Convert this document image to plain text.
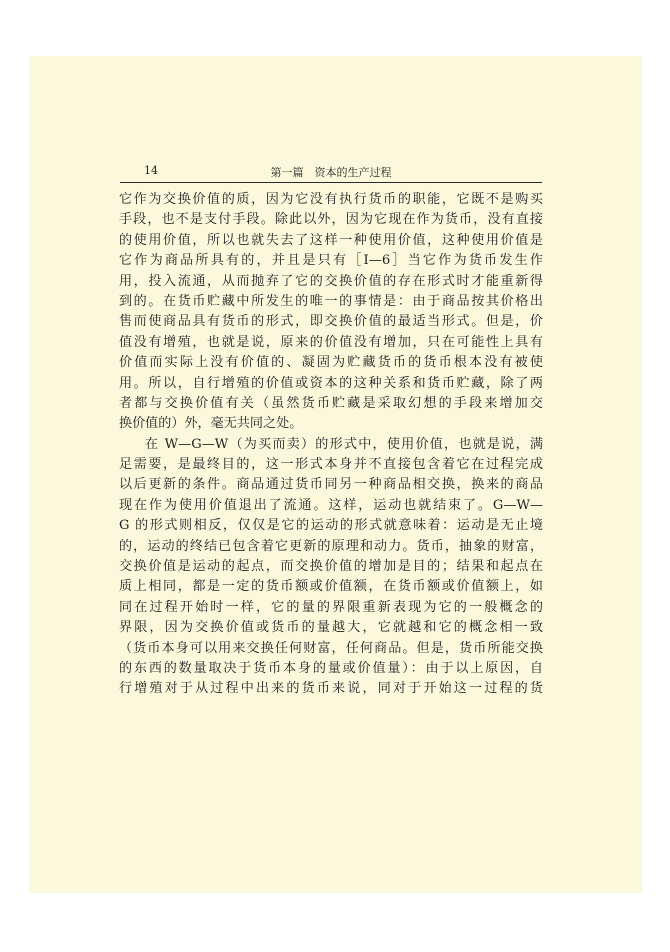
14	第一篇　资本的生产过程
它作为交换价值的质，因为它没有执行货币的职能，它既不是购买
手段，也不是支付手段。除此以外，因为它现在作为货币，没有直接
的使用价值，所以也就失去了这样一种使用价值，这种使用价值是
它作为商品所具有的，并且是只有［I—6］当它作为货币发生作
用，投入流通，从而抛弃了它的交换价值的存在形式时才能重新得
到的。在货币贮藏中所发生的唯一的事情是：由于商品按其价格出
售而使商品具有货币的形式，即交换价值的最适当形式。但是，价
值没有增殖，也就是说，原来的价值没有增加，只在可能性上具有
价值而实际上没有价值的、凝固为贮藏货币的货币根本没有被使
用。所以，自行增殖的价值或资本的这种关系和货币贮藏，除了两
者都与交换价值有关（虽然货币贮藏是采取幻想的手段来增加交
换价值的）外，毫无共同之处。
在 W—G—W（为买而卖）的形式中，使用价值，也就是说，满
足需要，是最终目的，这一形式本身并不直接包含着它在过程完成
以后更新的条件。商品通过货币同另一种商品相交换，换来的商品
现在作为使用价值退出了流通。这样，运动也就结束了。G—W—
G 的形式则相反，仅仅是它的运动的形式就意味着：运动是无止境
的，运动的终结已包含着它更新的原理和动力。货币，抽象的财富，
交换价值是运动的起点，而交换价值的增加是目的；结果和起点在
质上相同，都是一定的货币额或价值额，在货币额或价值额上，如
同在过程开始时一样，它的量的界限重新表现为它的一般概念的
界限，因为交换价值或货币的量越大，它就越和它的概念相一致
（货币本身可以用来交换任何财富，任何商品。但是，货币所能交换
的东西的数量取决于货币本身的量或价值量）：由于以上原因，自
行增殖对于从过程中出来的货币来说，同对于开始这一过程的货
